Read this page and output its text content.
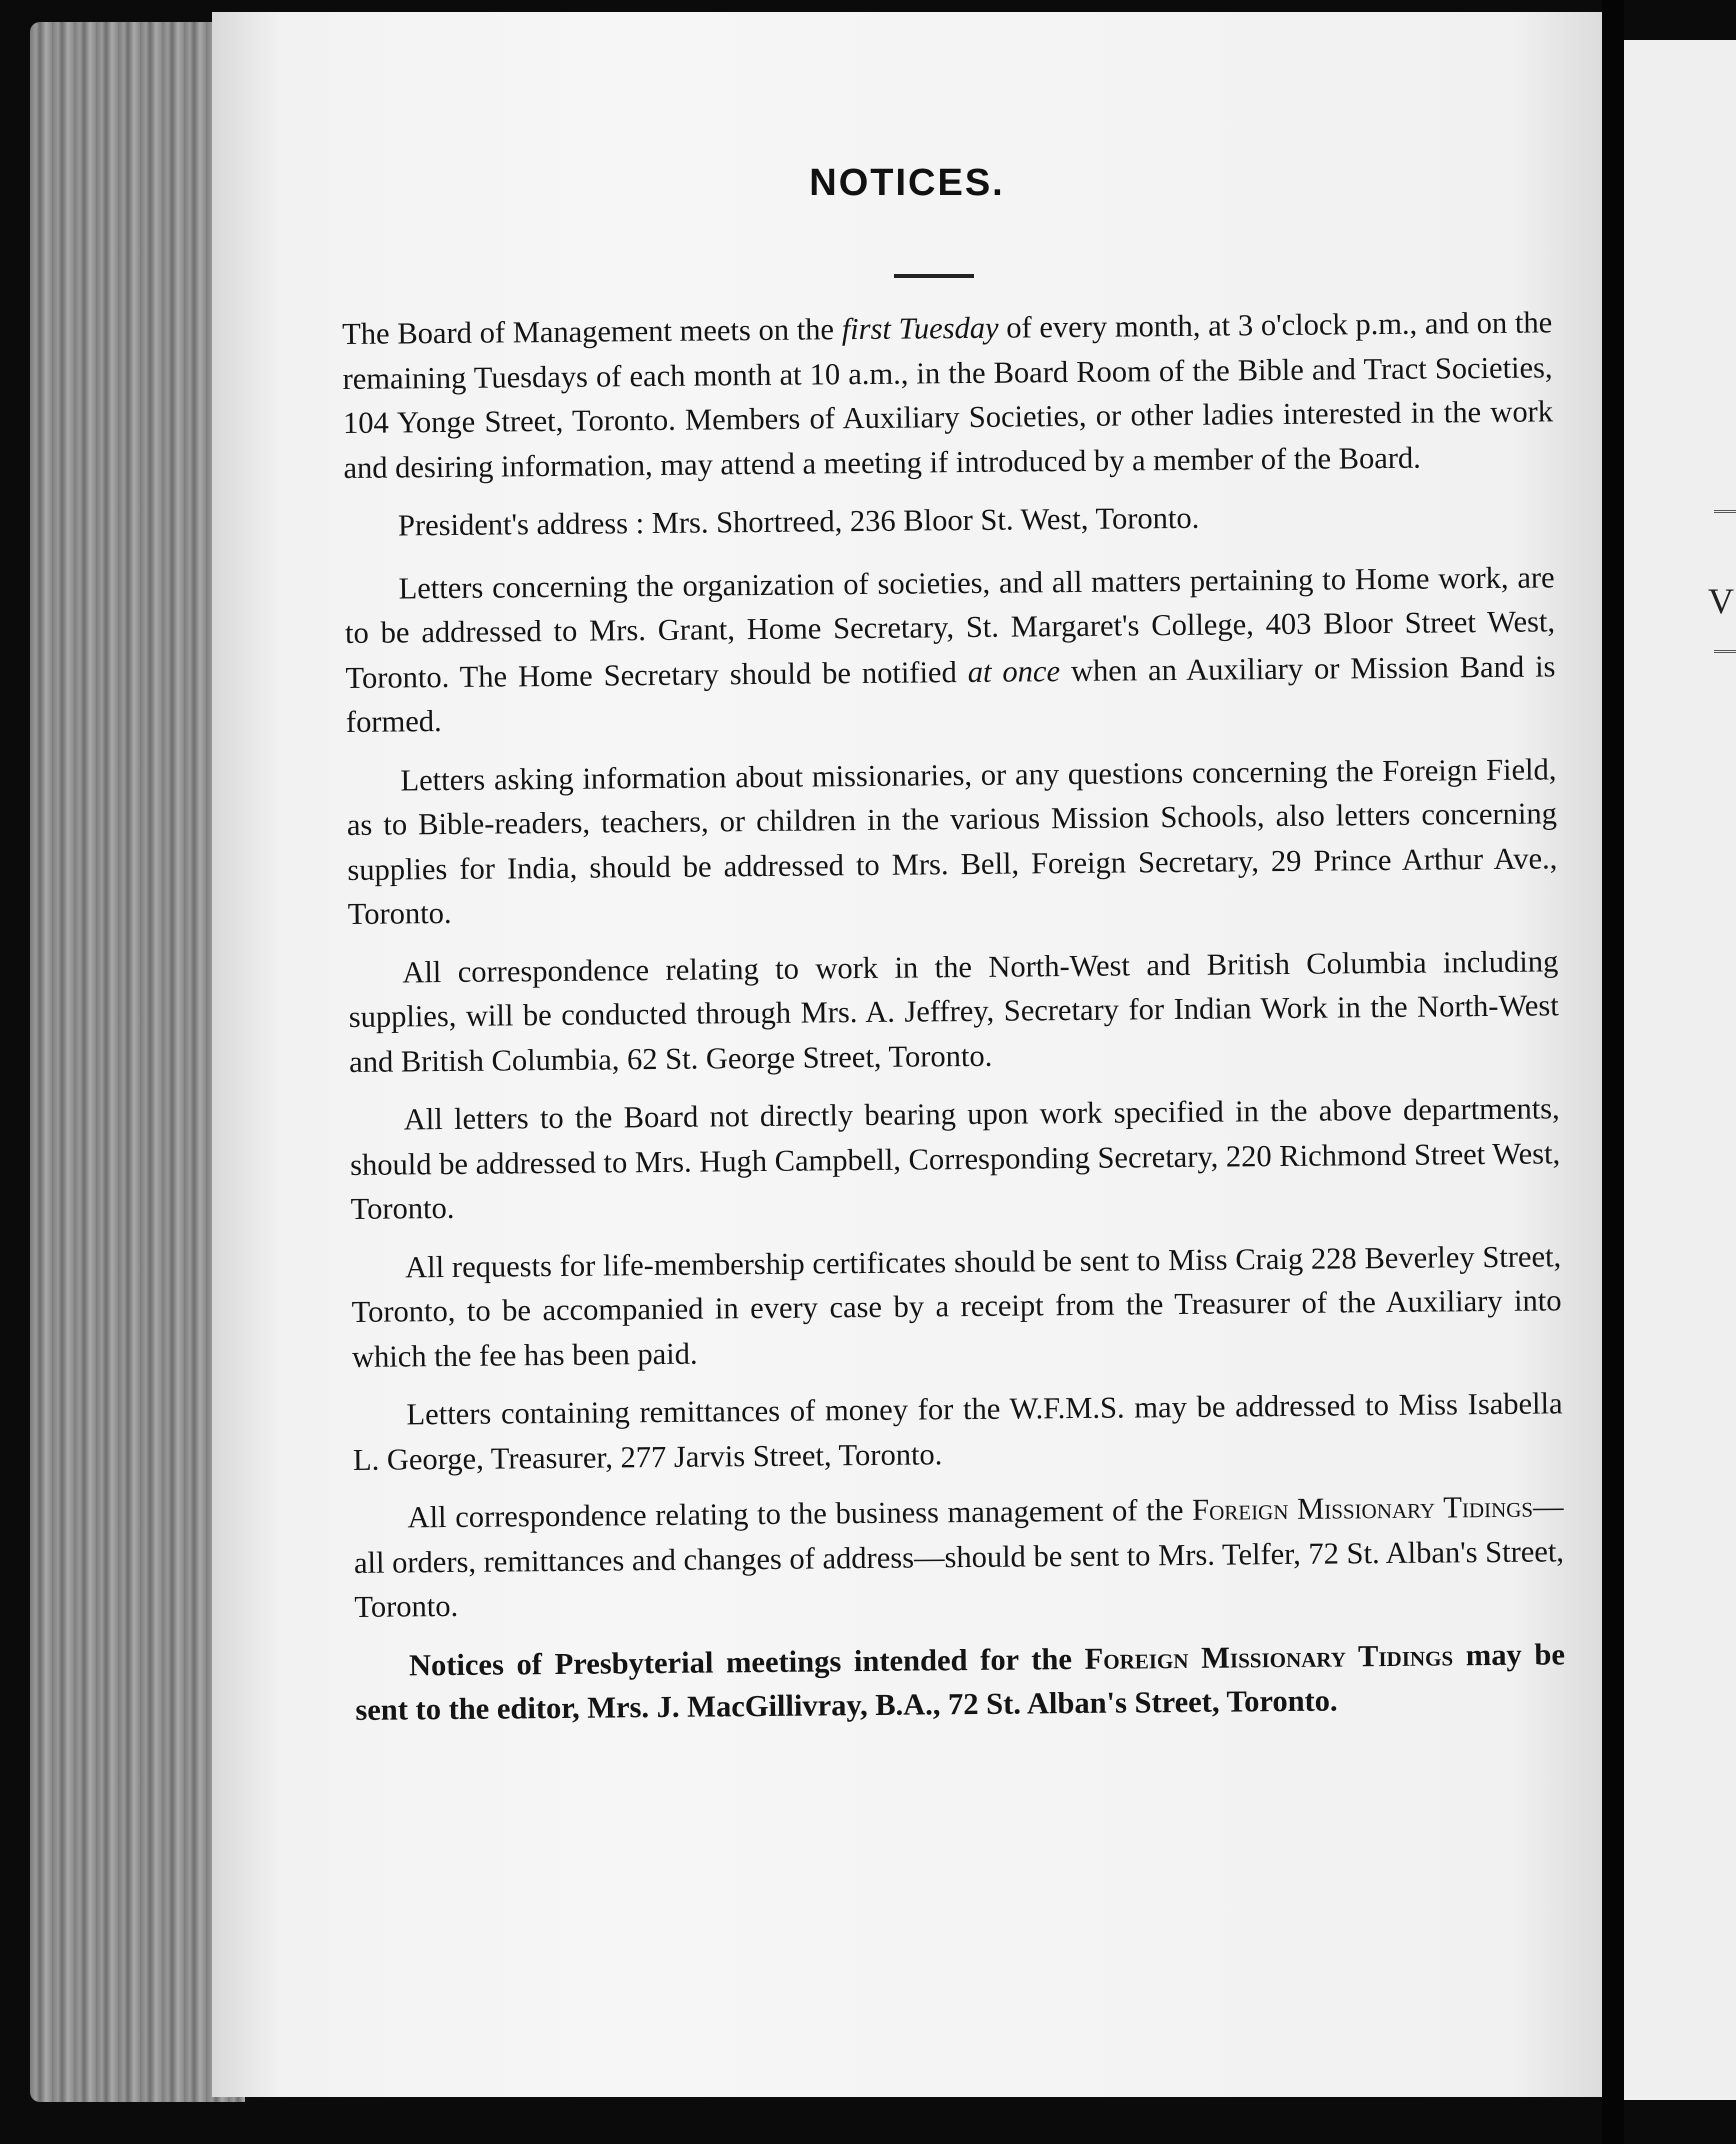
NOTICES.

The Board of Management meets on the first Tuesday of every month, at 3 o'clock p.m., and on the remaining Tuesdays of each month at 10 a.m., in the Board Room of the Bible and Tract Societies, 104 Yonge Street, Toronto. Members of Auxiliary Societies, or other ladies interested in the work and desiring information, may attend a meeting if introduced by a member of the Board.

President's address : Mrs. Shortreed, 236 Bloor St. West, Toronto.

Letters concerning the organization of societies, and all matters pertaining to Home work, are to be addressed to Mrs. Grant, Home Secretary, St. Margaret's College, 403 Bloor Street West, Toronto. The Home Secretary should be notified at once when an Auxiliary or Mission Band is formed.

Letters asking information about missionaries, or any questions concerning the Foreign Field, as to Bible-readers, teachers, or children in the various Mission Schools, also letters concerning supplies for India, should be addressed to Mrs. Bell, Foreign Secretary, 29 Prince Arthur Ave., Toronto.

All correspondence relating to work in the North-West and British Columbia including supplies, will be conducted through Mrs. A. Jeffrey, Secretary for Indian Work in the North-West and British Columbia, 62 St. George Street, Toronto.

All letters to the Board not directly bearing upon work specified in the above departments, should be addressed to Mrs. Hugh Campbell, Corresponding Secretary, 220 Richmond Street West, Toronto.

All requests for life-membership certificates should be sent to Miss Craig 228 Beverley Street, Toronto, to be accompanied in every case by a receipt from the Treasurer of the Auxiliary into which the fee has been paid.

Letters containing remittances of money for the W.F.M.S. may be addressed to Miss Isabella L. George, Treasurer, 277 Jarvis Street, Toronto.

All correspondence relating to the business management of the Foreign Missionary Tidings—all orders, remittances and changes of address—should be sent to Mrs. Telfer, 72 St. Alban's Street, Toronto.

Notices of Presbyterial meetings intended for the Foreign Missionary Tidings may be sent to the editor, Mrs. J. MacGillivray, B.A., 72 St. Alban's Street, Toronto.

V
